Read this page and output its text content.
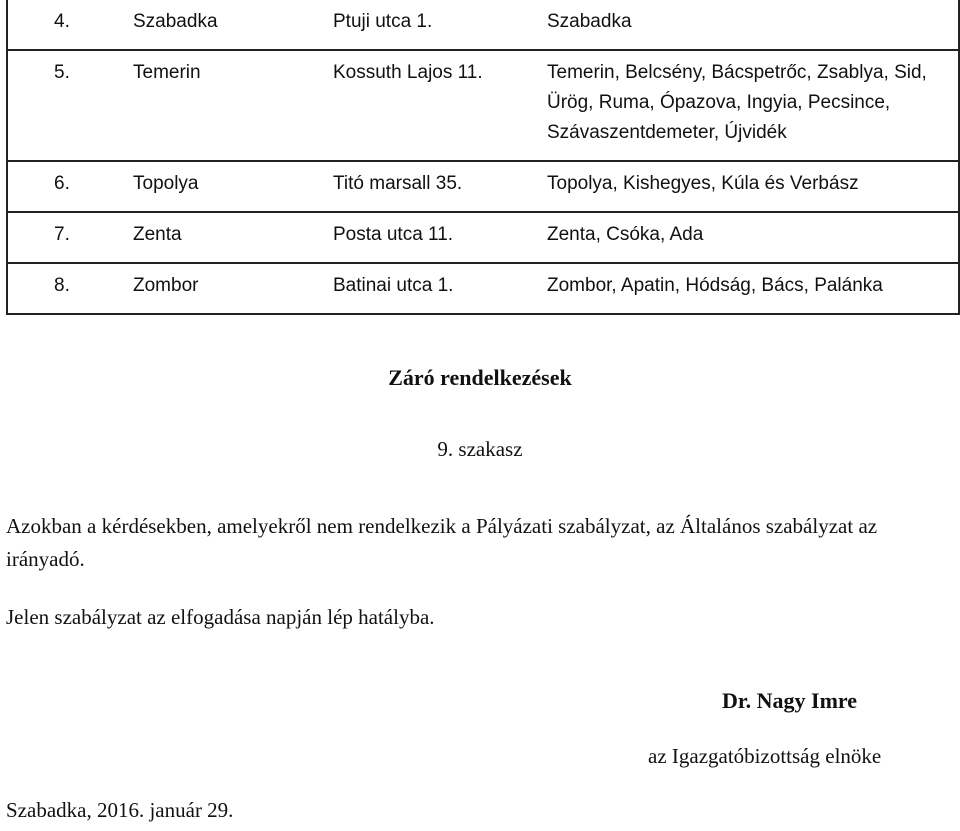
4.	Szabadka	Ptuji utca 1.	Szabadka
5.	Temerin	Kossuth Lajos 11.	Temerin, Belcsény, Bácspetrőc, Zsablya, Sid, Ürög, Ruma, Ópazova, Ingyia, Pecsince, Szávaszentdemeter, Újvidék
6.	Topolya	Titó marsall 35.	Topolya, Kishegyes, Kúla és Verbász
7.	Zenta	Posta utca 11.	Zenta, Csóka, Ada
8.	Zombor	Batinai utca 1.	Zombor, Apatin, Hódság, Bács, Palánka
Záró rendelkezések
9. szakasz

Azokban a kérdésekben, amelyekről nem rendelkezik a Pályázati szabályzat, az Általános szabályzat az irányadó.

Jelen szabályzat az elfogadása napján lép hatályba.

Dr. Nagy Imre
az Igazgatóbizottság elnöke
Szabadka, 2016. január 29.
